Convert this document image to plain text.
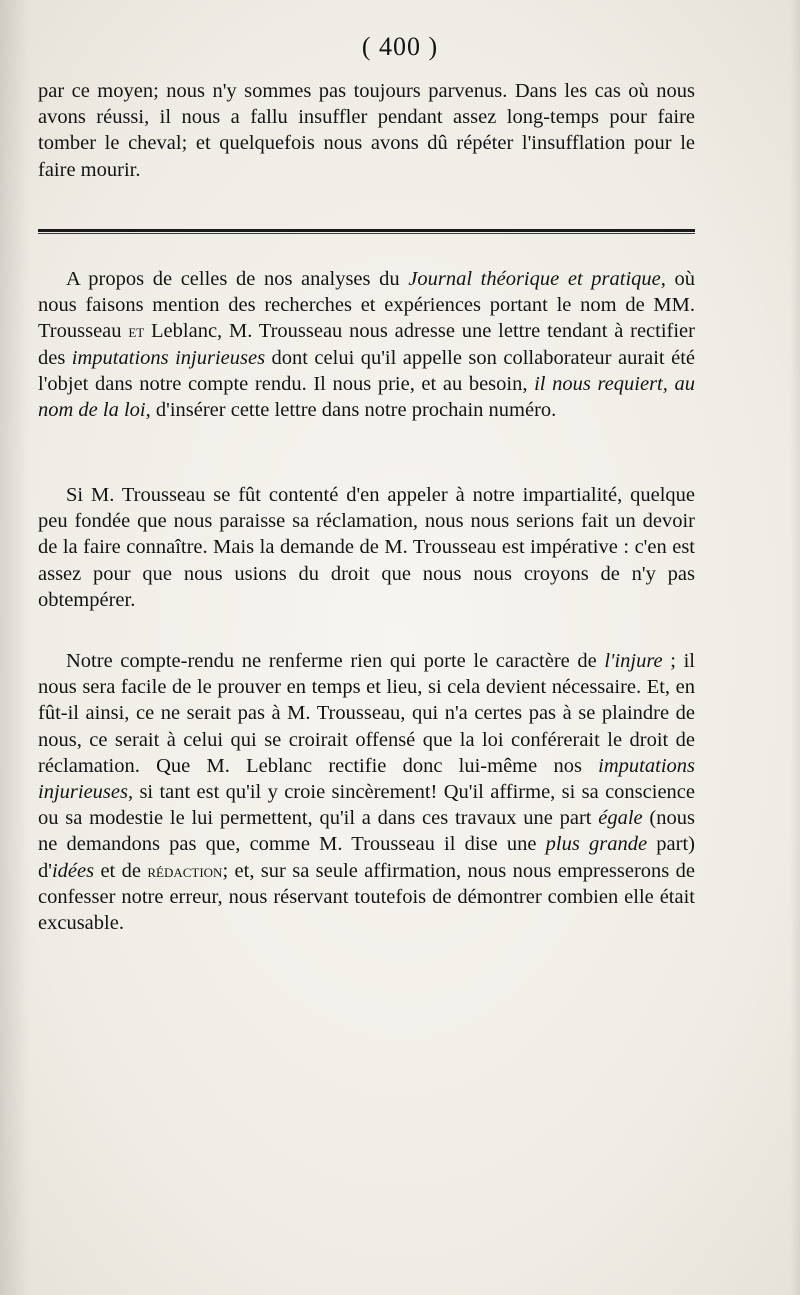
( 400 )
par ce moyen; nous n'y sommes pas toujours parvenus. Dans les cas où nous avons réussi, il nous a fallu insuffler pendant assez long-temps pour faire tomber le cheval; et quelquefois nous avons dû répéter l'insufflation pour le faire mourir.
A propos de celles de nos analyses du Journal théorique et pratique, où nous faisons mention des recherches et expériences portant le nom de MM. Trousseau et Leblanc, M. Trousseau nous adresse une lettre tendant à rectifier des imputations injurieuses dont celui qu'il appelle son collaborateur aurait été l'objet dans notre compte rendu. Il nous prie, et au besoin, il nous requiert, au nom de la loi, d'insérer cette lettre dans notre prochain numéro.
Si M. Trousseau se fût contenté d'en appeler à notre impartialité, quelque peu fondée que nous paraisse sa réclamation, nous nous serions fait un devoir de la faire connaître. Mais la demande de M. Trousseau est impérative : c'en est assez pour que nous usions du droit que nous nous croyons de n'y pas obtempérer.
Notre compte-rendu ne renferme rien qui porte le caractère de l'injure ; il nous sera facile de le prouver en temps et lieu, si cela devient nécessaire. Et, en fût-il ainsi, ce ne serait pas à M. Trousseau, qui n'a certes pas à se plaindre de nous, ce serait à celui qui se croirait offensé que la loi conférerait le droit de réclamation. Que M. Leblanc rectifie donc lui-même nos imputations injurieuses, si tant est qu'il y croie sincèrement! Qu'il affirme, si sa conscience ou sa modestie le lui permettent, qu'il a dans ces travaux une part égale (nous ne demandons pas que, comme M. Trousseau il dise une plus grande part) d'idées et de rédaction; et, sur sa seule affirmation, nous nous empresserons de confesser notre erreur, nous réservant toutefois de démontrer combien elle était excusable.
